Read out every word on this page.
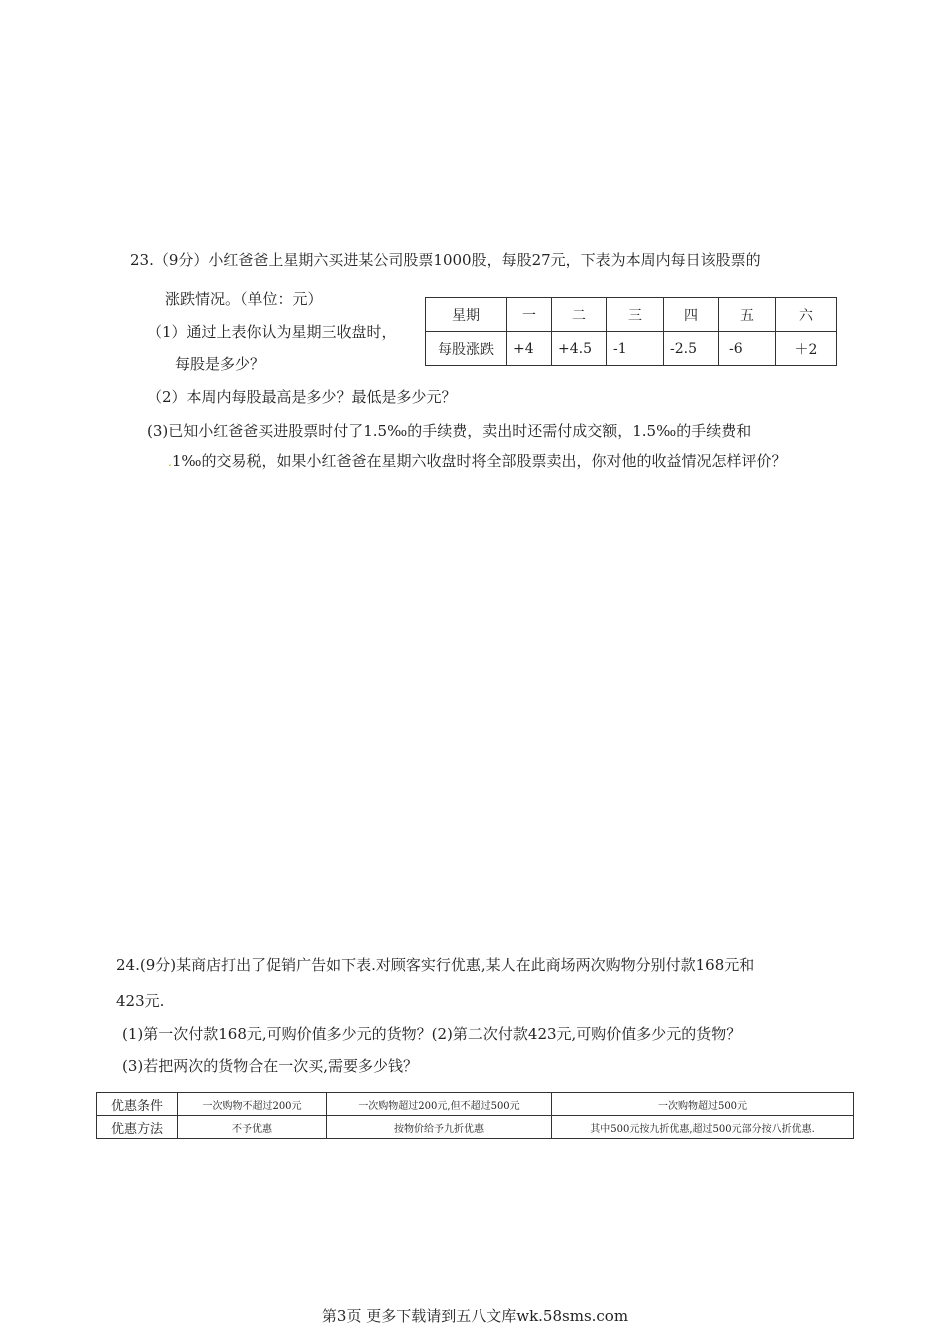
23.（9分）小红爸爸上星期六买进某公司股票1000股，每股27元，下表为本周内每日该股票的
涨跌情况。（单位：元）
（1）通过上表你认为星期三收盘时，
每股是多少？
星期	一	二	三	四	五	六
每股涨跌	+4	+4.5	-1	-2.5	-6	＋2
（2）本周内每股最高是多少？最低是多少元？
(3)已知小红爸爸买进股票时付了1.5‰的手续费，卖出时还需付成交额，1.5‰的手续费和
.1‰的交易税，如果小红爸爸在星期六收盘时将全部股票卖出，你对他的收益情况怎样评价？
24.(9分)某商店打出了促销广告如下表.对顾客实行优惠,某人在此商场两次购物分别付款168元和
423元.
(1)第一次付款168元,可购价值多少元的货物？(2)第二次付款423元,可购价值多少元的货物？
(3)若把两次的货物合在一次买,需要多少钱？
优惠条件	一次购物不超过200元	一次购物超过200元,但不超过500元	一次购物超过500元
优惠方法	不予优惠	按物价给予九折优惠	其中500元按九折优惠,超过500元部分按八折优惠.
第3页 更多下载请到五八文库wk.58sms.com
